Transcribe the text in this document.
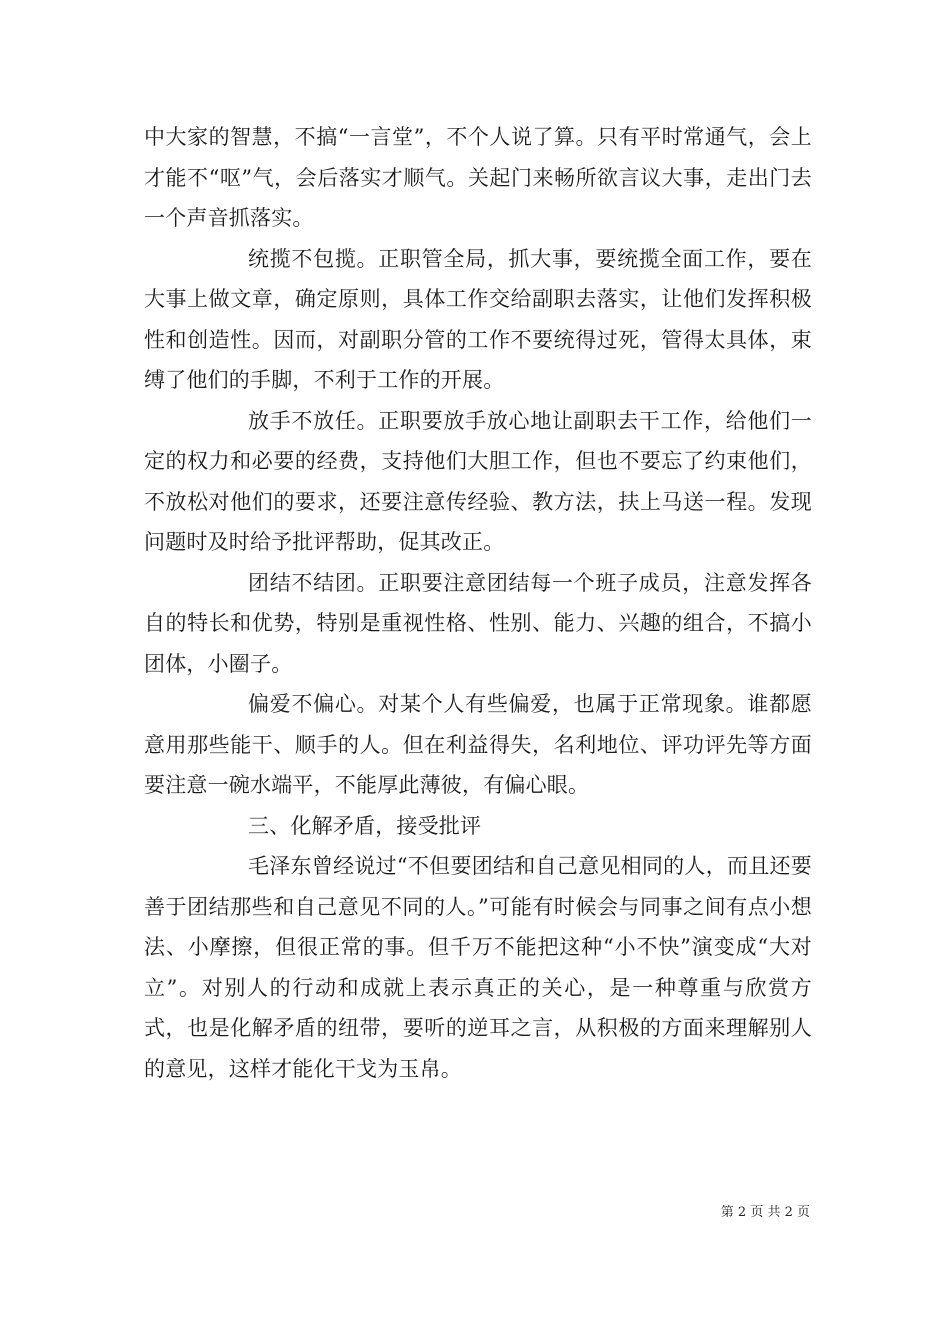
中大家的智慧，不搞“一言堂”，不个人说了算。只有平时常通气，会上才能不“呕”气，会后落实才顺气。关起门来畅所欲言议大事，走出门去一个声音抓落实。

统揽不包揽。正职管全局，抓大事，要统揽全面工作，要在大事上做文章，确定原则，具体工作交给副职去落实，让他们发挥积极性和创造性。因而，对副职分管的工作不要统得过死，管得太具体，束缚了他们的手脚，不利于工作的开展。

放手不放任。正职要放手放心地让副职去干工作，给他们一定的权力和必要的经费，支持他们大胆工作，但也不要忘了约束他们，不放松对他们的要求，还要注意传经验、教方法，扶上马送一程。发现问题时及时给予批评帮助，促其改正。

团结不结团。正职要注意团结每一个班子成员，注意发挥各自的特长和优势，特别是重视性格、性别、能力、兴趣的组合，不搞小团体，小圈子。

偏爱不偏心。对某个人有些偏爱，也属于正常现象。谁都愿意用那些能干、顺手的人。但在利益得失，名利地位、评功评先等方面要注意一碗水端平，不能厚此薄彼，有偏心眼。

三、化解矛盾，接受批评

毛泽东曾经说过“不但要团结和自己意见相同的人，而且还要善于团结那些和自己意见不同的人。”可能有时候会与同事之间有点小想法、小摩擦，但很正常的事。但千万不能把这种“小不快”演变成“大对立”。对别人的行动和成就上表示真正的关心，是一种尊重与欣赏方式，也是化解矛盾的纽带，要听的逆耳之言，从积极的方面来理解别人的意见，这样才能化干戈为玉帛。

第 2 页 共 2 页
